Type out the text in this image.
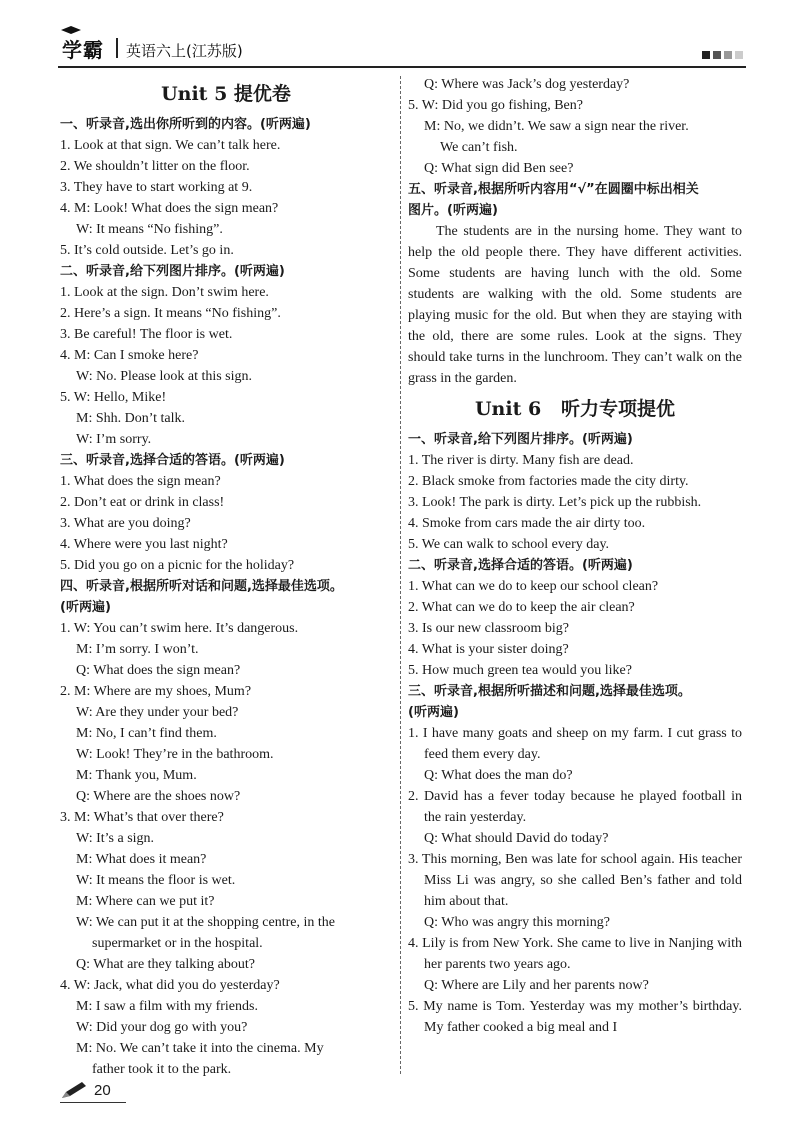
学霸 英语六上(江苏版)
Unit 5 提优卷
一、听录音,选出你所听到的内容。(听两遍)
1. Look at that sign. We can’t talk here.
2. We shouldn’t litter on the floor.
3. They have to start working at 9.
4. M: Look! What does the sign mean?
W: It means “No fishing”.
5. It’s cold outside. Let’s go in.
二、听录音,给下列图片排序。(听两遍)
1. Look at the sign. Don’t swim here.
2. Here’s a sign. It means “No fishing”.
3. Be careful! The floor is wet.
4. M: Can I smoke here?
W: No. Please look at this sign.
5. W: Hello, Mike!
M: Shh. Don’t talk.
W: I’m sorry.
三、听录音,选择合适的答语。(听两遍)
1. What does the sign mean?
2. Don’t eat or drink in class!
3. What are you doing?
4. Where were you last night?
5. Did you go on a picnic for the holiday?
四、听录音,根据所听对话和问题,选择最佳选项。
(听两遍)
1. W: You can’t swim here. It’s dangerous.
M: I’m sorry. I won’t.
Q: What does the sign mean?
2. M: Where are my shoes, Mum?
W: Are they under your bed?
M: No, I can’t find them.
W: Look! They’re in the bathroom.
M: Thank you, Mum.
Q: Where are the shoes now?
3. M: What’s that over there?
W: It’s a sign.
M: What does it mean?
W: It means the floor is wet.
M: Where can we put it?
W: We can put it at the shopping centre, in the
supermarket or in the hospital.
Q: What are they talking about?
4. W: Jack, what did you do yesterday?
M: I saw a film with my friends.
W: Did your dog go with you?
M: No. We can’t take it into the cinema. My
father took it to the park.
Q: Where was Jack’s dog yesterday?
5. W: Did you go fishing, Ben?
M: No, we didn’t. We saw a sign near the river.
We can’t fish.
Q: What sign did Ben see?
五、听录音,根据所听内容用“√”在圆圈中标出相关
图片。(听两遍)

The students are in the nursing home. They want to help the old people there. They have different activities. Some students are having lunch with the old. Some students are walking with the old. Some students are playing music for the old. But when they are staying with the old, there are some rules. Look at the signs. They should take turns in the lunchroom. They can’t walk on the grass in the garden.

Unit 6   听力专项提优
一、听录音,给下列图片排序。(听两遍)
1. The river is dirty. Many fish are dead.
2. Black smoke from factories made the city dirty.
3. Look! The park is dirty. Let’s pick up the rubbish.
4. Smoke from cars made the air dirty too.
5. We can walk to school every day.
二、听录音,选择合适的答语。(听两遍)
1. What can we do to keep our school clean?
2. What can we do to keep the air clean?
3. Is our new classroom big?
4. What is your sister doing?
5. How much green tea would you like?
三、听录音,根据所听描述和问题,选择最佳选项。
(听两遍)
1. I have many goats and sheep on my farm. I cut grass to feed them every day.
Q: What does the man do?
2. David has a fever today because he played football in the rain yesterday.
Q: What should David do today?
3. This morning, Ben was late for school again. His teacher Miss Li was angry, so she called Ben’s father and told him about that.
Q: Who was angry this morning?
4. Lily is from New York. She came to live in Nanjing with her parents two years ago.
Q: Where are Lily and her parents now?
5. My name is Tom. Yesterday was my mother’s birthday. My father cooked a big meal and I
20
